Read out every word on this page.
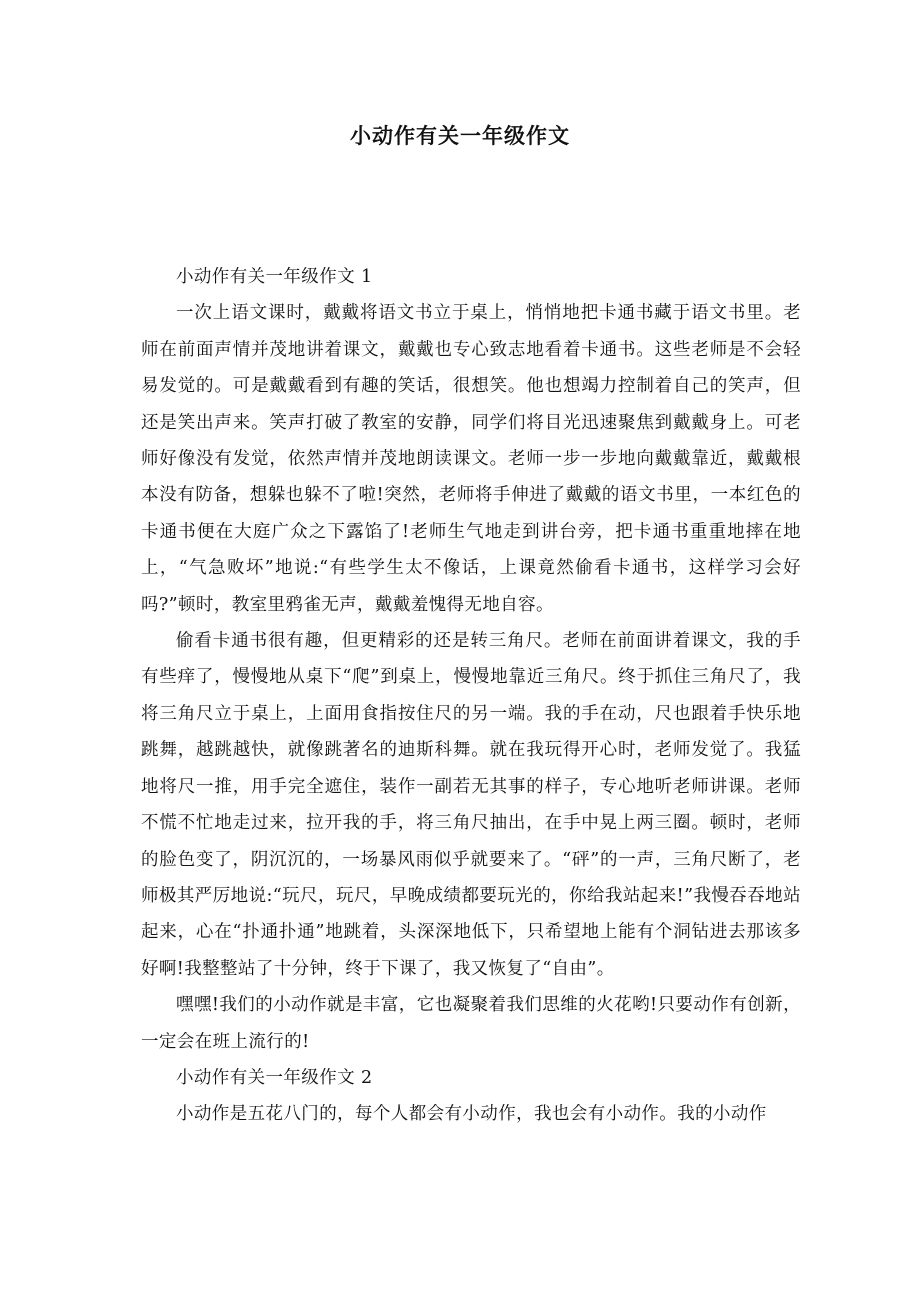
小动作有关一年级作文

小动作有关一年级作文 1

一次上语文课时，戴戴将语文书立于桌上，悄悄地把卡通书藏于语文书里。老师在前面声情并茂地讲着课文，戴戴也专心致志地看着卡通书。这些老师是不会轻易发觉的。可是戴戴看到有趣的笑话，很想笑。他也想竭力控制着自己的笑声，但还是笑出声来。笑声打破了教室的安静，同学们将目光迅速聚焦到戴戴身上。可老师好像没有发觉，依然声情并茂地朗读课文。老师一步一步地向戴戴靠近，戴戴根本没有防备，想躲也躲不了啦!突然，老师将手伸进了戴戴的语文书里，一本红色的卡通书便在大庭广众之下露馅了!老师生气地走到讲台旁，把卡通书重重地摔在地上，“气急败坏”地说:“有些学生太不像话，上课竟然偷看卡通书，这样学习会好吗?”顿时，教室里鸦雀无声，戴戴羞愧得无地自容。

偷看卡通书很有趣，但更精彩的还是转三角尺。老师在前面讲着课文，我的手有些痒了，慢慢地从桌下“爬”到桌上，慢慢地靠近三角尺。终于抓住三角尺了，我将三角尺立于桌上，上面用食指按住尺的另一端。我的手在动，尺也跟着手快乐地跳舞，越跳越快，就像跳著名的迪斯科舞。就在我玩得开心时，老师发觉了。我猛地将尺一推，用手完全遮住，装作一副若无其事的样子，专心地听老师讲课。老师不慌不忙地走过来，拉开我的手，将三角尺抽出，在手中晃上两三圈。顿时，老师的脸色变了，阴沉沉的，一场暴风雨似乎就要来了。“砰”的一声，三角尺断了，老师极其严厉地说:“玩尺，玩尺，早晚成绩都要玩光的，你给我站起来!”我慢吞吞地站起来，心在“扑通扑通”地跳着，头深深地低下，只希望地上能有个洞钻进去那该多好啊!我整整站了十分钟，终于下课了，我又恢复了“自由”。

嘿嘿!我们的小动作就是丰富，它也凝聚着我们思维的火花哟!只要动作有创新，一定会在班上流行的!

小动作有关一年级作文 2

小动作是五花八门的，每个人都会有小动作，我也会有小动作。我的小动作
